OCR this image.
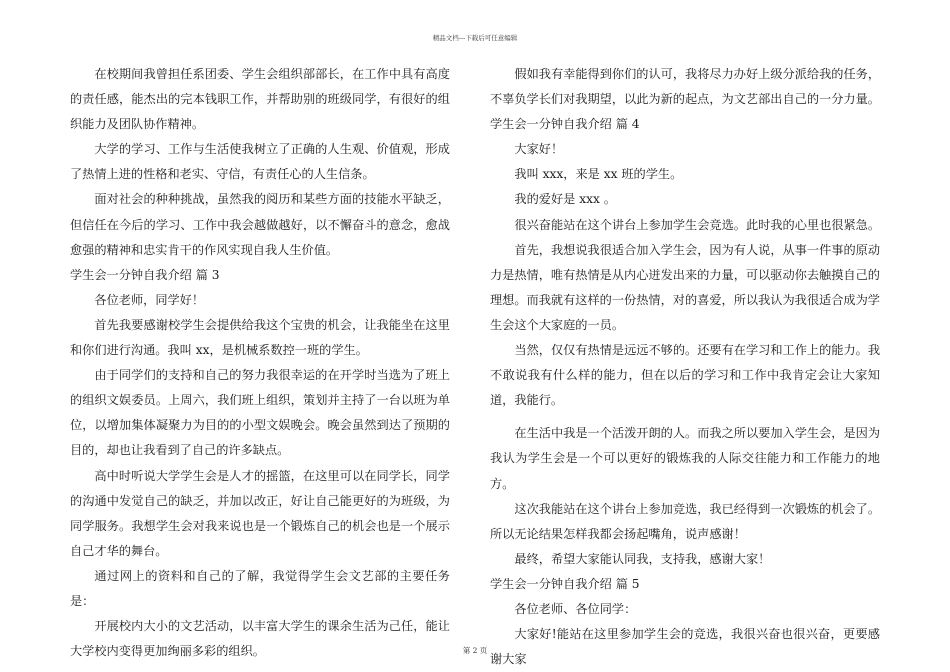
精品文档---下载后可任意编辑

在校期间我曾担任系团委、学生会组织部部长，在工作中具有高度的责任感，能杰出的完本钱职工作，并帮助别的班级同学，有很好的组织能力及团队协作精神。

大学的学习、工作与生活使我树立了正确的人生观、价值观，形成了热情上进的性格和老实、守信，有责任心的人生信条。

面对社会的种种挑战，虽然我的阅历和某些方面的技能水平缺乏，但信任在今后的学习、工作中我会越做越好，以不懈奋斗的意念，愈战愈强的精神和忠实肯干的作风实现自我人生价值。

学生会一分钟自我介绍 篇 3

各位老师，同学好！

首先我要感谢校学生会提供给我这个宝贵的机会，让我能坐在这里和你们进行沟通。我叫 xx，是机械系数控一班的学生。

由于同学们的支持和自己的努力我很幸运的在开学时当选为了班上的组织文娱委员。上周六，我们班上组织，策划并主持了一台以班为单位，以增加集体凝聚力为目的的小型文娱晚会。晚会虽然到达了预期的目的，却也让我看到了自己的许多缺点。

高中时听说大学学生会是人才的摇篮，在这里可以在同学长，同学的沟通中发觉自己的缺乏，并加以改正，好让自己能更好的为班级，为同学服务。我想学生会对我来说也是一个锻炼自己的机会也是一个展示自己才华的舞台。

通过网上的资料和自己的了解，我觉得学生会文艺部的主要任务是：

开展校内大小的文艺活动，以丰富大学生的课余生活为己任，能让大学校内变得更加绚丽多彩的组织。

假如我有幸能得到你们的认可，我将尽力办好上级分派给我的任务，不辜负学长们对我期望，以此为新的起点，为文艺部出自己的一分力量。

学生会一分钟自我介绍 篇 4

大家好！

我叫 xxx，来是 xx 班的学生。

我的爱好是 xxx 。

很兴奋能站在这个讲台上参加学生会竞选。此时我的心里也很紧急。

首先，我想说我很适合加入学生会，因为有人说，从事一件事的原动力是热情，唯有热情是从内心迸发出来的力量，可以驱动你去触摸自己的理想。而我就有这样的一份热情，对的喜爱，所以我认为我很适合成为学生会这个大家庭的一员。

当然，仅仅有热情是远远不够的。还要有在学习和工作上的能力。我不敢说我有什么样的能力，但在以后的学习和工作中我肯定会让大家知道，我能行。

在生活中我是一个活泼开朗的人。而我之所以要加入学生会，是因为我认为学生会是一个可以更好的锻炼我的人际交往能力和工作能力的地方。

这次我能站在这个讲台上参加竞选，我已经得到一次锻炼的机会了。所以无论结果怎样我都会扬起嘴角，说声感谢！

最终，希望大家能认同我，支持我，感谢大家！

学生会一分钟自我介绍 篇 5

各位老师、各位同学：

大家好!能站在这里参加学生会的竞选，我很兴奋也很兴奋，更要感谢大家

第 2 页
